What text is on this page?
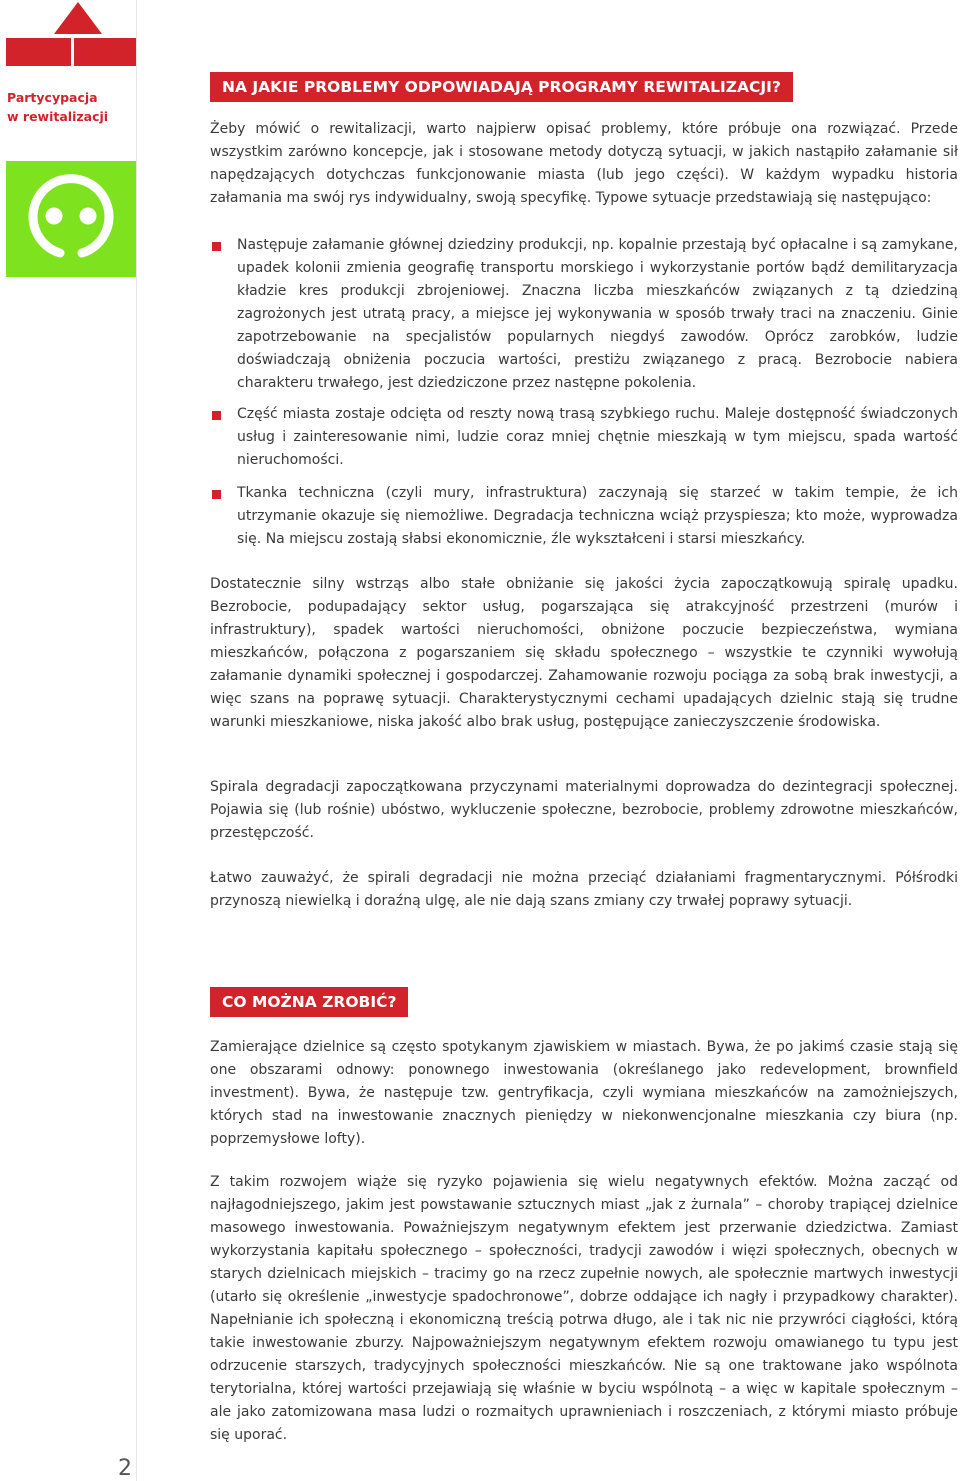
Partycypacja
w rewitalizacji
2
NA JAKIE PROBLEMY ODPOWIADAJĄ PROGRAMY REWITALIZACJI?

Żeby mówić o rewitalizacji, warto najpierw opisać problemy, które próbuje ona rozwiązać. Przede wszystkim zarówno koncepcje, jak i stosowane metody dotyczą sytuacji, w jakich nastąpiło załamanie sił napędzających dotychczas funkcjonowanie miasta (lub jego części). W każdym wypadku historia załamania ma swój rys indywidualny, swoją specyfikę. Typowe sytuacje przedstawiają się następująco:

Następuje załamanie głównej dziedziny produkcji, np. kopalnie przestają być opłacalne i są zamykane, upadek kolonii zmienia geografię transportu morskiego i wykorzystanie portów bądź demilitaryzacja kładzie kres produkcji zbrojeniowej. Znaczna liczba mieszkańców związanych z tą dziedziną zagrożonych jest utratą pracy, a miejsce jej wykonywania w sposób trwały traci na znaczeniu. Ginie zapotrzebowanie na specjalistów popularnych niegdyś zawodów. Oprócz zarobków, ludzie doświadczają obniżenia poczucia wartości, prestiżu związanego z pracą. Bezrobocie nabiera charakteru trwałego, jest dziedziczone przez następne pokolenia.

Część miasta zostaje odcięta od reszty nową trasą szybkiego ruchu. Maleje dostępność świadczonych usług i zainteresowanie nimi, ludzie coraz mniej chętnie mieszkają w tym miejscu, spada wartość nieruchomości.

Tkanka techniczna (czyli mury, infrastruktura) zaczynają się starzeć w takim tempie, że ich utrzymanie okazuje się niemożliwe. Degradacja techniczna wciąż przyspiesza; kto może, wyprowadza się. Na miejscu zostają słabsi ekonomicznie, źle wykształceni i starsi mieszkańcy.

Dostatecznie silny wstrząs albo stałe obniżanie się jakości życia zapoczątkowują spiralę upadku. Bezrobocie, podupadający sektor usług, pogarszająca się atrakcyjność przestrzeni (murów i infrastruktury), spadek wartości nieruchomości, obniżone poczucie bezpieczeństwa, wymiana mieszkańców, połączona z pogarszaniem się składu społecznego – wszystkie te czynniki wywołują załamanie dynamiki społecznej i gospodarczej. Zahamowanie rozwoju pociąga za sobą brak inwestycji, a więc szans na poprawę sytuacji. Charakterystycznymi cechami upadających dzielnic stają się trudne warunki mieszkaniowe, niska jakość albo brak usług, postępujące zanieczyszczenie środowiska.

Spirala degradacji zapoczątkowana przyczynami materialnymi doprowadza do dezintegracji społecznej. Pojawia się (lub rośnie) ubóstwo, wykluczenie społeczne, bezrobocie, problemy zdrowotne mieszkańców, przestępczość.

Łatwo zauważyć, że spirali degradacji nie można przeciąć działaniami fragmentarycznymi. Półśrodki przynoszą niewielką i doraźną ulgę, ale nie dają szans zmiany czy trwałej poprawy sytuacji.

CO MOŻNA ZROBIĆ?

Zamierające dzielnice są często spotykanym zjawiskiem w miastach. Bywa, że po jakimś czasie stają się one obszarami odnowy: ponownego inwestowania (określanego jako redevelopment, brownfield investment). Bywa, że następuje tzw. gentryfikacja, czyli wymiana mieszkańców na zamożniejszych, których stad na inwestowanie znacznych pieniędzy w niekonwencjonalne mieszkania czy biura (np. poprzemysłowe lofty).

Z takim rozwojem wiąże się ryzyko pojawienia się wielu negatywnych efektów. Można zacząć od najłagodniejszego, jakim jest powstawanie sztucznych miast „jak z żurnala” – choroby trapiącej dzielnice masowego inwestowania. Poważniejszym negatywnym efektem jest przerwanie dziedzictwa. Zamiast wykorzystania kapitału społecznego – społeczności, tradycji zawodów i więzi społecznych, obecnych w starych dzielnicach miejskich – tracimy go na rzecz zupełnie nowych, ale społecznie martwych inwestycji (utarło się określenie „inwestycje spadochronowe”, dobrze oddające ich nagły i przypadkowy charakter). Napełnianie ich społeczną i ekonomiczną treścią potrwa długo, ale i tak nic nie przywróci ciągłości, którą takie inwestowanie zburzy. Najpoważniejszym negatywnym efektem rozwoju omawianego tu typu jest odrzucenie starszych, tradycyjnych społeczności mieszkańców. Nie są one traktowane jako wspólnota terytorialna, której wartości przejawiają się właśnie w byciu wspólnotą – a więc w kapitale społecznym – ale jako zatomizowana masa ludzi o rozmaitych uprawnieniach i roszczeniach, z którymi miasto próbuje się uporać.
